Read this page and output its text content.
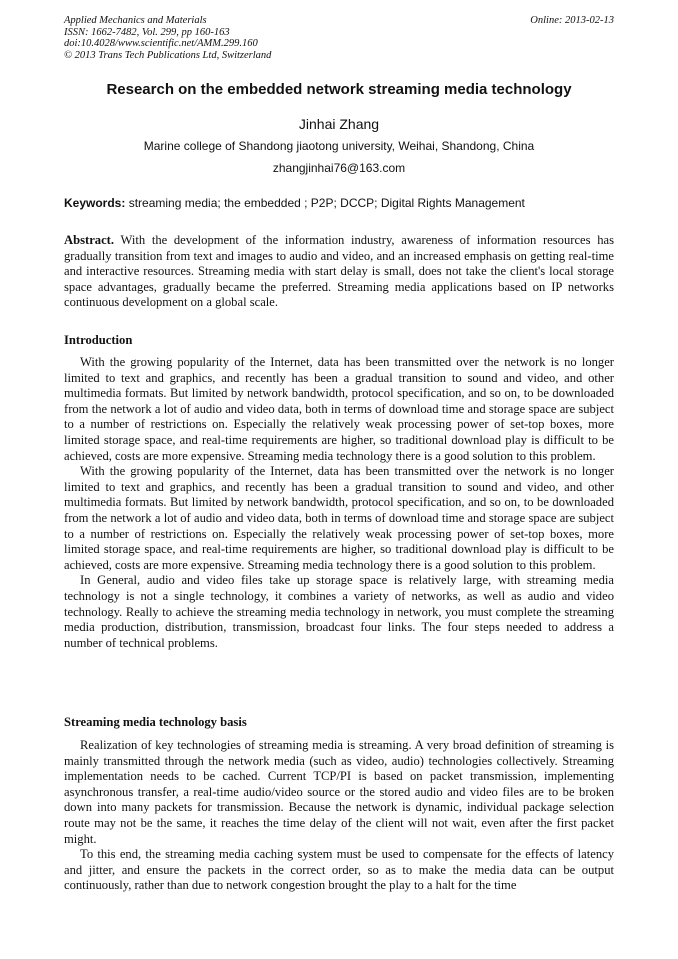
Applied Mechanics and Materials
ISSN: 1662-7482, Vol. 299, pp 160-163
doi:10.4028/www.scientific.net/AMM.299.160
© 2013 Trans Tech Publications Ltd, Switzerland
Online: 2013-02-13
Research on the embedded network streaming media technology
Jinhai Zhang
Marine college of Shandong jiaotong university, Weihai, Shandong, China
zhangjinhai76@163.com
Keywords: streaming media; the embedded ; P2P; DCCP; Digital Rights Management
Abstract. With the development of the information industry, awareness of information resources has gradually transition from text and images to audio and video, and an increased emphasis on getting real-time and interactive resources. Streaming media with start delay is small, does not take the client's local storage space advantages, gradually became the preferred. Streaming media applications based on IP networks continuous development on a global scale.
Introduction

With the growing popularity of the Internet, data has been transmitted over the network is no longer limited to text and graphics, and recently has been a gradual transition to sound and video, and other multimedia formats. But limited by network bandwidth, protocol specification, and so on, to be downloaded from the network a lot of audio and video data, both in terms of download time and storage space are subject to a number of restrictions on. Especially the relatively weak processing power of set-top boxes, more limited storage space, and real-time requirements are higher, so traditional download play is difficult to be achieved, costs are more expensive. Streaming media technology there is a good solution to this problem.

With the growing popularity of the Internet, data has been transmitted over the network is no longer limited to text and graphics, and recently has been a gradual transition to sound and video, and other multimedia formats. But limited by network bandwidth, protocol specification, and so on, to be downloaded from the network a lot of audio and video data, both in terms of download time and storage space are subject to a number of restrictions on. Especially the relatively weak processing power of set-top boxes, more limited storage space, and real-time requirements are higher, so traditional download play is difficult to be achieved, costs are more expensive. Streaming media technology there is a good solution to this problem.

In General, audio and video files take up storage space is relatively large, with streaming media technology is not a single technology, it combines a variety of networks, as well as audio and video technology. Really to achieve the streaming media technology in network, you must complete the streaming media production, distribution, transmission, broadcast four links. The four steps needed to address a number of technical problems.

Streaming media technology basis

Realization of key technologies of streaming media is streaming. A very broad definition of streaming is mainly transmitted through the network media (such as video, audio) technologies collectively. Streaming implementation needs to be cached. Current TCP/PI is based on packet transmission, implementing asynchronous transfer, a real-time audio/video source or the stored audio and video files are to be broken down into many packets for transmission. Because the network is dynamic, individual package selection route may not be the same, it reaches the time delay of the client will not wait, even after the first packet might.

To this end, the streaming media caching system must be used to compensate for the effects of latency and jitter, and ensure the packets in the correct order, so as to make the media data can be output continuously, rather than due to network congestion brought the play to a halt for the time
